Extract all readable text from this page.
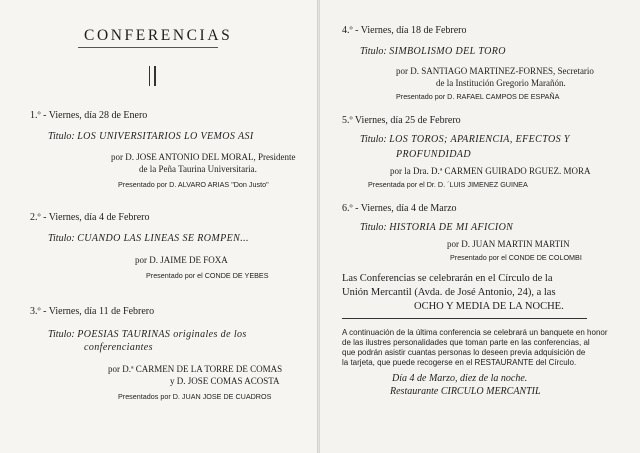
CONFERENCIAS
1.º - Viernes, día 28 de Enero
Titulo: LOS UNIVERSITARIOS LO VEMOS ASI
por D. JOSE ANTONIO DEL MORAL, Presidente
de la Peña Taurina Universitaria.
Presentado por D. ALVARO ARIAS "Don Justo"
2.º - Viernes, día 4 de Febrero
Titulo: CUANDO LAS LINEAS SE ROMPEN...
por D. JAIME DE FOXA
Presentado por el CONDE DE YEBES
3.º - Viernes, día 11 de Febrero
Titulo: POESIAS TAURINAS originales de los
conferenciantes
por D.ª CARMEN DE LA TORRE DE COMAS
y D. JOSE COMAS ACOSTA
Presentados por D. JUAN JOSE DE CUADROS
4.º - Viernes, día 18 de Febrero
Titulo: SIMBOLISMO DEL TORO
por D. SANTIAGO MARTINEZ-FORNES, Secretario
de la Institución Gregorio Marañón.
Presentado por D. RAFAEL CAMPOS DE ESPAÑA
5.º Viernes, día 25 de Febrero
Titulo: LOS TOROS; APARIENCIA, EFECTOS Y
PROFUNDIDAD
por la Dra. D.ª CARMEN GUIRADO RGUEZ. MORA
Presentada por el Dr. D. ´LUIS JIMENEZ GUINEA
6.º - Viernes, día 4 de Marzo
Titulo: HISTORIA DE MI AFICION
por D. JUAN MARTIN MARTIN
Presentado por el CONDE DE COLOMBI
Las Conferencias se celebrarán en el Círculo de la
Unión Mercantil (Avda. de José Antonio, 24), a las
OCHO Y MEDIA DE LA NOCHE.
A continuación de la última conferencia se celebrará un banquete en honor
de las ilustres personalidades que toman parte en las conferencias, al
que podrán asistir cuantas personas lo deseen previa adquisición de
la tarjeta, que puede recogerse en el RESTAURANTE del Círculo.
Día 4 de Marzo, diez de la noche.
Restaurante CIRCULO MERCANTIL
